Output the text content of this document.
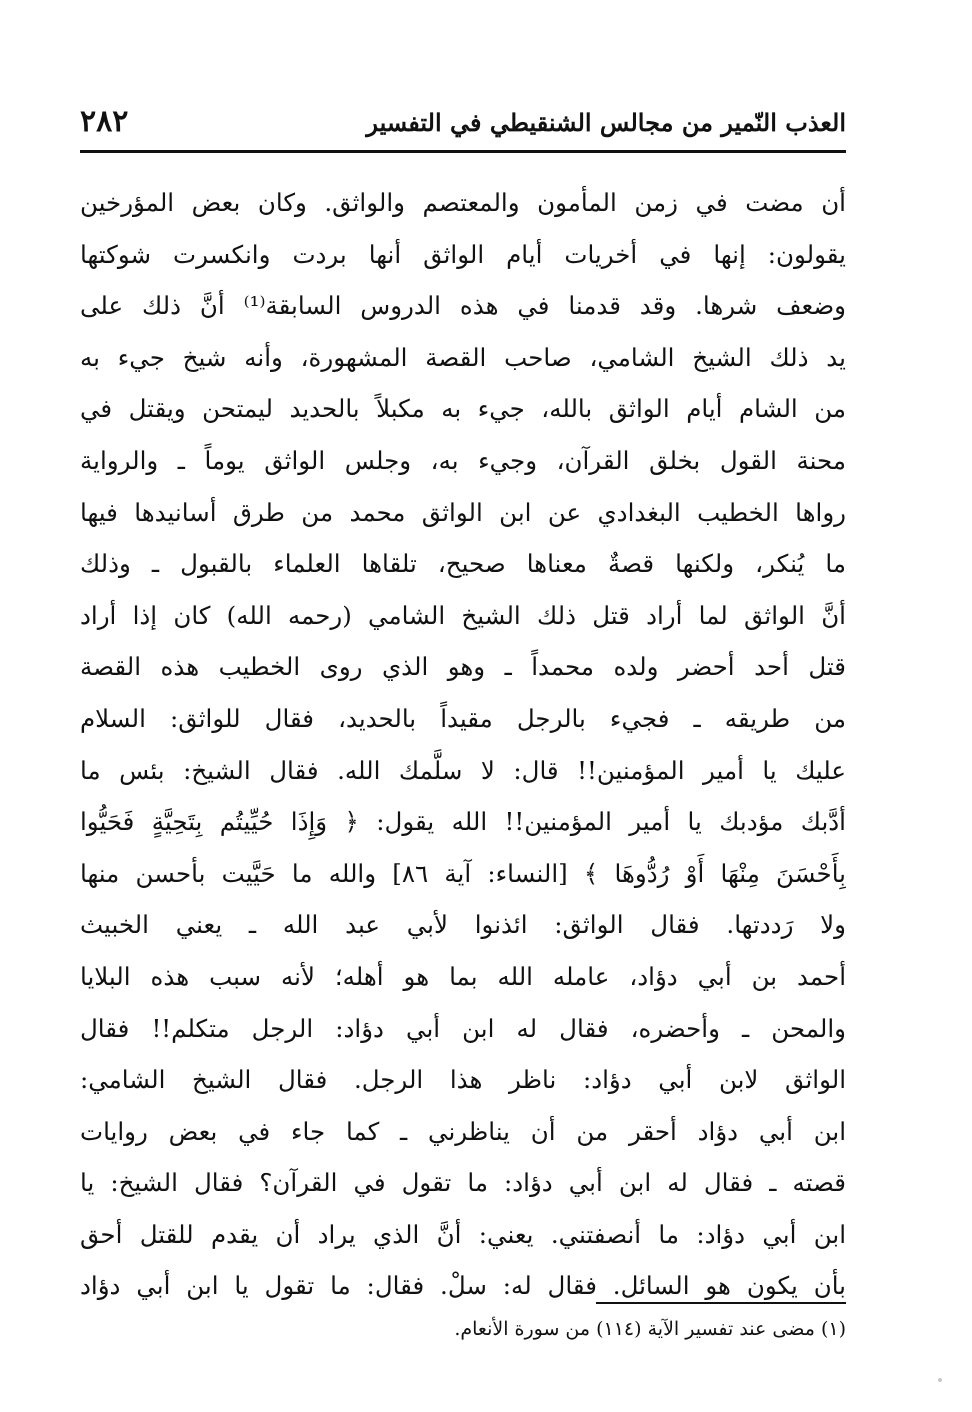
العذب النّمير من مجالس الشنقيطي في التفسير
٢٨٢
أن مضت في زمن المأمون والمعتصم والواثق. وكان بعض المؤرخين
يقولون: إنها في أخريات أيام الواثق أنها بردت وانكسرت شوكتها
وضعف شرها. وقد قدمنا في هذه الدروس السابقة⁽¹⁾ أنَّ ذلك على
يد ذلك الشيخ الشامي، صاحب القصة المشهورة، وأنه شيخ جيء به
من الشام أيام الواثق بالله، جيء به مكبلاً بالحديد ليمتحن ويقتل في
محنة القول بخلق القرآن، وجيء به، وجلس الواثق يوماً ـ والرواية
رواها الخطيب البغدادي عن ابن الواثق محمد من طرق أسانيدها فيها
ما يُنكر، ولكنها قصةٌ معناها صحيح، تلقاها العلماء بالقبول ـ وذلك
أنَّ الواثق لما أراد قتل ذلك الشيخ الشامي (رحمه الله) كان إذا أراد
قتل أحد أحضر ولده محمداً ـ وهو الذي روى الخطيب هذه القصة
من طريقه ـ فجيء بالرجل مقيداً بالحديد، فقال للواثق: السلام
عليك يا أمير المؤمنين!! قال: لا سلَّمك الله. فقال الشيخ: بئس ما
أدَّبك مؤدبك يا أمير المؤمنين!! الله يقول: ﴿ وَإِذَا حُيِّيتُم بِتَحِيَّةٍ فَحَيُّوا
بِأَحْسَنَ مِنْهَا أَوْ رُدُّوهَا ﴾ [النساء: آية ٨٦] والله ما حَيَّيت بأحسن منها
ولا رَددتها. فقال الواثق: ائذنوا لأبي عبد الله ـ يعني الخبيث
أحمد بن أبي دؤاد، عامله الله بما هو أهله؛ لأنه سبب هذه البلايا
والمحن ـ وأحضره، فقال له ابن أبي دؤاد: الرجل متكلم!! فقال
الواثق لابن أبي دؤاد: ناظر هذا الرجل. فقال الشيخ الشامي:
ابن أبي دؤاد أحقر من أن يناظرني ـ كما جاء في بعض روايات
قصته ـ فقال له ابن أبي دؤاد: ما تقول في القرآن؟ فقال الشيخ: يا
ابن أبي دؤاد: ما أنصفتني. يعني: أنَّ الذي يراد أن يقدم للقتل أحق
بأن يكون هو السائل. فقال له: سلْ. فقال: ما تقول يا ابن أبي دؤاد
(١) مضى عند تفسير الآية (١١٤) من سورة الأنعام.
